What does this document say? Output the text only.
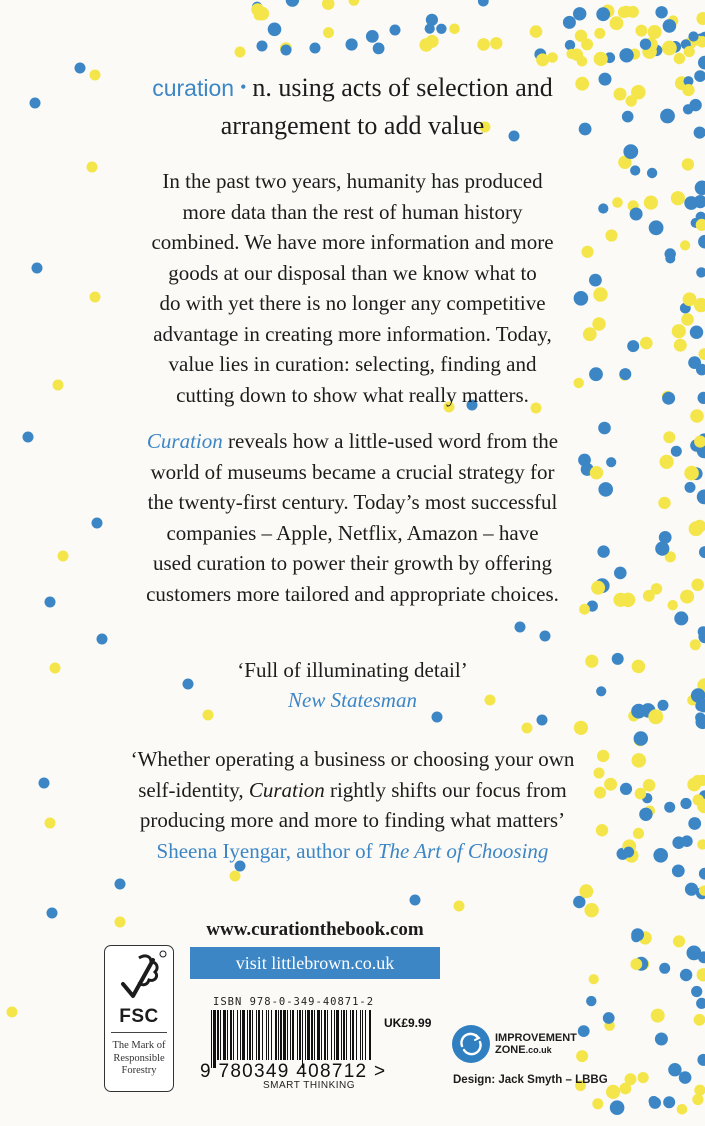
curation • n. using acts of selection and
arrangement to add value
In the past two years, humanity has produced
more data than the rest of human history
combined. We have more information and more
goods at our disposal than we know what to
do with yet there is no longer any competitive
advantage in creating more information. Today,
value lies in curation: selecting, finding and
cutting down to show what really matters.
Curation reveals how a little-used word from the
world of museums became a crucial strategy for
the twenty-first century. Today’s most successful
companies – Apple, Netflix, Amazon – have
used curation to power their growth by offering
customers more tailored and appropriate choices.
‘Full of illuminating detail’
New Statesman
‘Whether operating a business or choosing your own
self-identity, Curation rightly shifts our focus from
producing more and more to finding what matters’
Sheena Iyengar, author of The Art of Choosing
www.curationthebook.com
visit littlebrown.co.uk
FSC
The Mark of
Responsible
Forestry
ISBN 978-0-349-40871-2
UK£9.99
9 780349 408712 >
SMART THINKING
IMPROVEMENT
ZONE.co.uk
Design: Jack Smyth – LBBG
